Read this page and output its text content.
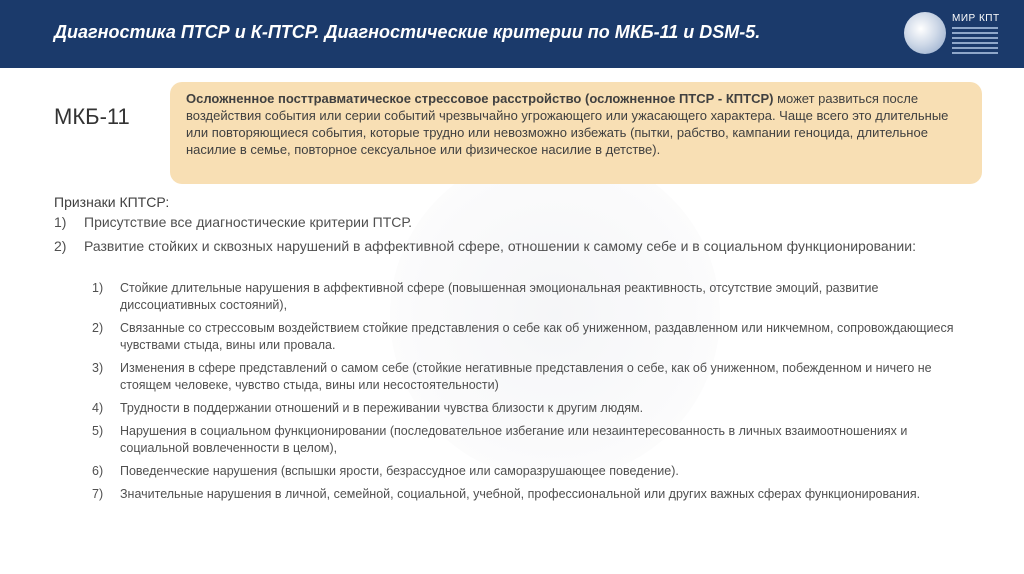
Диагностика ПТСР и К-ПТСР. Диагностические критерии по МКБ-11 и DSM-5.
МИР КПТ
МКБ-11
Осложненное посттравматическое стрессовое расстройство (осложненное ПТСР - КПТСР) может развиться после воздействия события или серии событий чрезвычайно угрожающего или ужасающего характера. Чаще всего это длительные или повторяющиеся события, которые трудно или невозможно избежать (пытки, рабство, кампании геноцида, длительное насилие в семье, повторное сексуальное или физическое насилие в детстве).
Признаки КПТСР:
1)	Присутствие все диагностические критерии ПТСР.
2)	Развитие стойких и сквозных нарушений в аффективной сфере, отношении к самому себе и в социальном функционировании:
1)	Стойкие длительные нарушения в аффективной сфере (повышенная эмоциональная реактивность, отсутствие эмоций, развитие диссоциативных состояний),
2)	Связанные со стрессовым воздействием стойкие представления о себе как об униженном, раздавленном или никчемном, сопровождающиеся чувствами стыда, вины или провала.
3)	Изменения в сфере представлений о самом себе (стойкие негативные представления о себе, как об униженном, побежденном и ничего не стоящем человеке, чувство стыда, вины или несостоятельности)
4)	Трудности в поддержании отношений и в переживании чувства близости к другим людям.
5)	Нарушения в социальном функционировании (последовательное избегание или незаинтересованность в личных взаимоотношениях и социальной вовлеченности в целом),
6)	Поведенческие нарушения (вспышки ярости, безрассудное или саморазрушающее поведение).
7)	Значительные нарушения в личной, семейной, социальной, учебной, профессиональной или других важных сферах функционирования.
